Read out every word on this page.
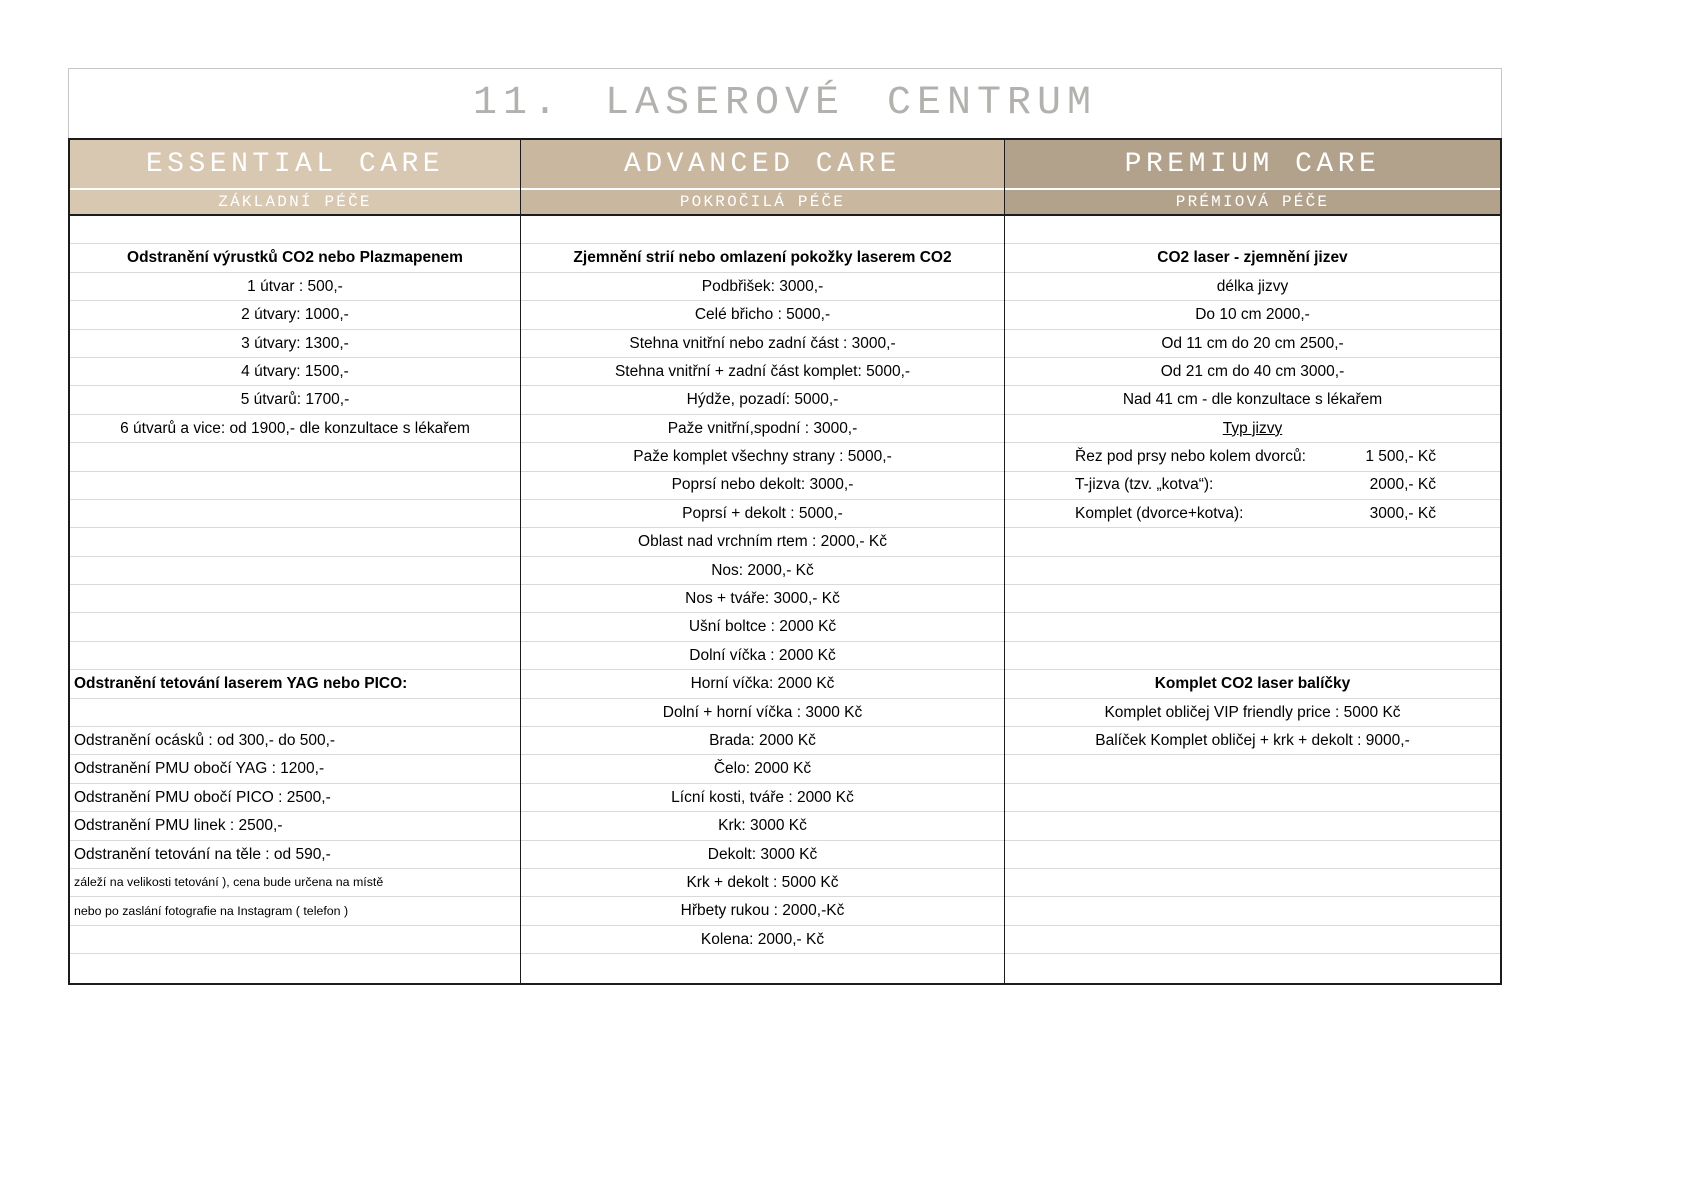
11. LASEROVÉ CENTRUM
ESSENTIAL CARE
ZÁKLADNÍ PÉČE
Odstranění výrustků CO2 nebo Plazmapenem
1 útvar : 500,-
2 útvary: 1000,-
3 útvary: 1300,-
4 útvary: 1500,-
5 útvarů: 1700,-
6 útvarů a vice: od 1900,- dle konzultace s lékařem
Odstranění tetování laserem YAG nebo PICO:
Odstranění ocásků : od 300,- do 500,-
Odstranění PMU obočí YAG : 1200,-
Odstranění PMU obočí PICO : 2500,-
Odstranění PMU linek : 2500,-
Odstranění tetování na těle : od 590,-
záleží na velikosti tetování ), cena bude určena na místě
nebo po zaslání fotografie na Instagram ( telefon )
ADVANCED CARE
POKROČILÁ PÉČE
Zjemnění strií nebo omlazení pokožky laserem CO2
Podbřišek: 3000,-
Celé břicho : 5000,-
Stehna vnitřní nebo zadní část : 3000,-
Stehna vnitřní + zadní část komplet: 5000,-
Hýdže, pozadí: 5000,-
Paže vnitřní,spodní : 3000,-
Paže komplet všechny strany : 5000,-
Poprsí nebo dekolt: 3000,-
Poprsí + dekolt : 5000,-
Oblast nad vrchním rtem : 2000,- Kč
Nos: 2000,- Kč
Nos + tváře: 3000,- Kč
Ušní boltce : 2000 Kč
Dolní víčka : 2000 Kč
Horní víčka: 2000 Kč
Dolní + horní víčka : 3000 Kč
Brada: 2000 Kč
Čelo: 2000 Kč
Lícní kosti, tváře : 2000 Kč
Krk: 3000 Kč
Dekolt: 3000 Kč
Krk + dekolt : 5000 Kč
Hřbety rukou : 2000,-Kč
Kolena: 2000,- Kč
PREMIUM CARE
PRÉMIOVÁ PÉČE
CO2 laser - zjemnění jizev
délka jizvy
Do 10 cm 2000,-
Od 11 cm do 20 cm 2500,-
Od 21 cm do 40 cm 3000,-
Nad 41 cm - dle konzultace s lékařem
Typ jizvy
Řez pod prsy nebo kolem dvorců:	1 500,- Kč
T-jizva (tzv. „kotva“):	2000,- Kč
Komplet (dvorce+kotva):	3000,- Kč
Komplet CO2 laser balíčky
Komplet obličej VIP friendly price : 5000 Kč
Balíček Komplet obličej + krk + dekolt : 9000,-
